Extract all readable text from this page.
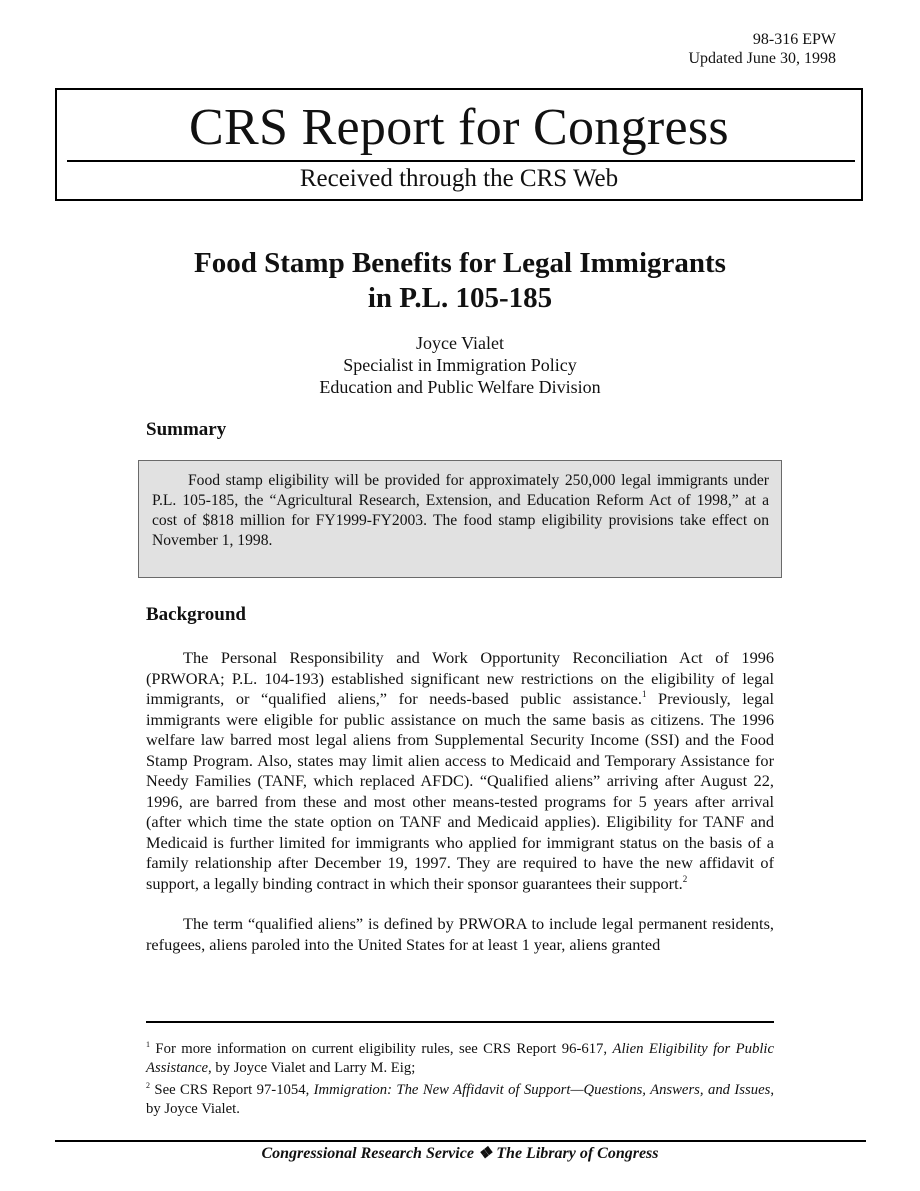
98-316 EPW
Updated June 30, 1998
CRS Report for Congress
Received through the CRS Web
Food Stamp Benefits for Legal Immigrants
in P.L. 105-185
Joyce Vialet
Specialist in Immigration Policy
Education and Public Welfare Division
Summary

Food stamp eligibility will be provided for approximately 250,000 legal immigrants under P.L. 105-185, the “Agricultural Research, Extension, and Education Reform Act of 1998,” at a cost of $818 million for FY1999-FY2003. The food stamp eligibility provisions take effect on November 1, 1998.

Background

The Personal Responsibility and Work Opportunity Reconciliation Act of 1996 (PRWORA; P.L. 104-193) established significant new restrictions on the eligibility of legal immigrants, or “qualified aliens,” for needs-based public assistance.$^1$ Previously, legal immigrants were eligible for public assistance on much the same basis as citizens. The 1996 welfare law barred most legal aliens from Supplemental Security Income (SSI) and the Food Stamp Program. Also, states may limit alien access to Medicaid and Temporary Assistance for Needy Families (TANF, which replaced AFDC). “Qualified aliens” arriving after August 22, 1996, are barred from these and most other means-tested programs for 5 years after arrival (after which time the state option on TANF and Medicaid applies). Eligibility for TANF and Medicaid is further limited for immigrants who applied for immigrant status on the basis of a family relationship after December 19, 1997. They are required to have the new affidavit of support, a legally binding contract in which their sponsor guarantees their support.$^2$

The term “qualified aliens” is defined by PRWORA to include legal permanent residents, refugees, aliens paroled into the United States for at least 1 year, aliens granted

$^1$ For more information on current eligibility rules, see CRS Report 96-617, Alien Eligibility for Public Assistance, by Joyce Vialet and Larry M. Eig;

$^2$ See CRS Report 97-1054, Immigration: The New Affidavit of Support—Questions, Answers, and Issues, by Joyce Vialet.

Congressional Research Service ❖ The Library of Congress
